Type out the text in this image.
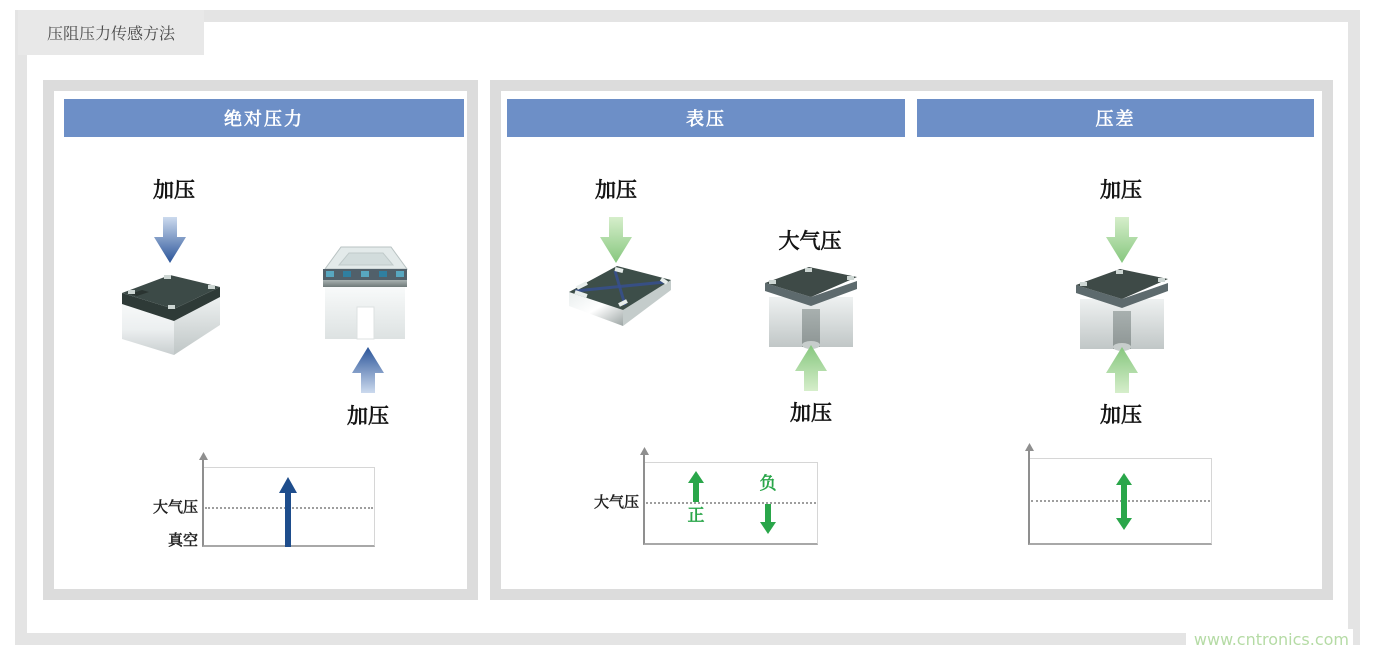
压阻压力传感方法
绝对压力
加压
加压
大气压
真空
表压	压差
加压
大气压
加压
大气压
正
负
加压
加压
www.cntronics.com
